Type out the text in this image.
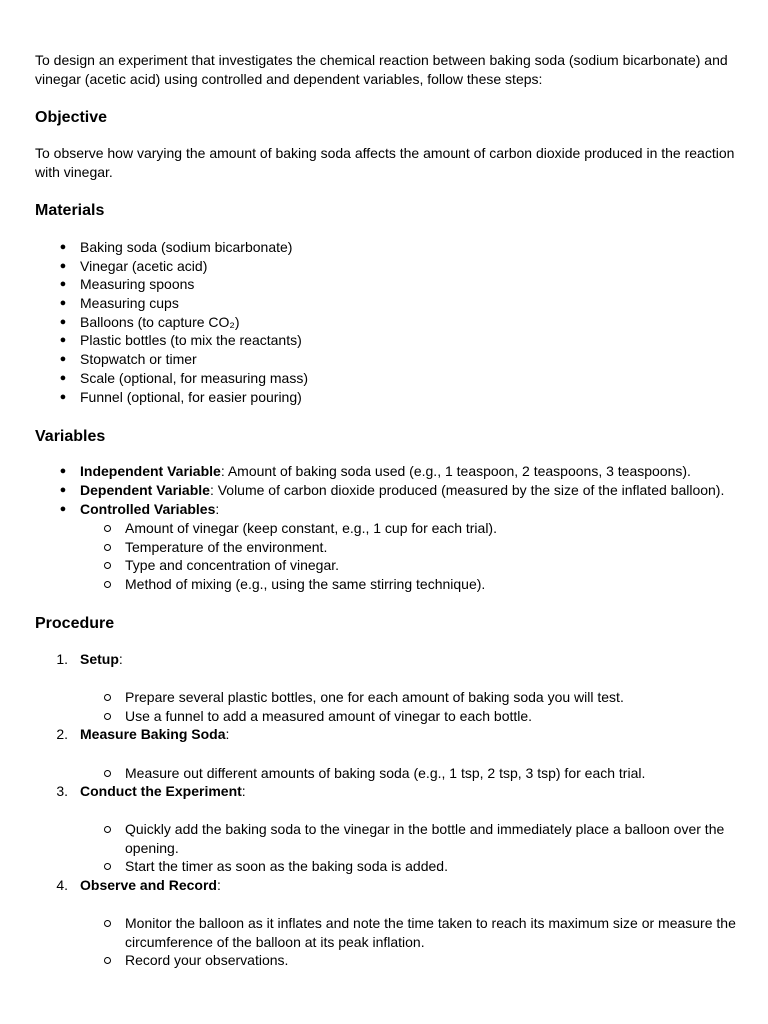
To design an experiment that investigates the chemical reaction between baking soda (sodium bicarbonate) and vinegar (acetic acid) using controlled and dependent variables, follow these steps:

Objective

To observe how varying the amount of baking soda affects the amount of carbon dioxide produced in the reaction with vinegar.

Materials
● Baking soda (sodium bicarbonate)
● Vinegar (acetic acid)
● Measuring spoons
● Measuring cups
● Balloons (to capture CO₂)
● Plastic bottles (to mix the reactants)
● Stopwatch or timer
● Scale (optional, for measuring mass)
● Funnel (optional, for easier pouring)
Variables
● Independent Variable: Amount of baking soda used (e.g., 1 teaspoon, 2 teaspoons, 3 teaspoons).
● Dependent Variable: Volume of carbon dioxide produced (measured by the size of the inflated balloon).
● Controlled Variables:
Amount of vinegar (keep constant, e.g., 1 cup for each trial).
Temperature of the environment.
Type and concentration of vinegar.
Method of mixing (e.g., using the same stirring technique).
Procedure
1. Setup:
Prepare several plastic bottles, one for each amount of baking soda you will test.
Use a funnel to add a measured amount of vinegar to each bottle.
2. Measure Baking Soda:
Measure out different amounts of baking soda (e.g., 1 tsp, 2 tsp, 3 tsp) for each trial.
3. Conduct the Experiment:
Quickly add the baking soda to the vinegar in the bottle and immediately place a balloon over the opening.
Start the timer as soon as the baking soda is added.
4. Observe and Record:
Monitor the balloon as it inflates and note the time taken to reach its maximum size or measure the circumference of the balloon at its peak inflation.
Record your observations.
